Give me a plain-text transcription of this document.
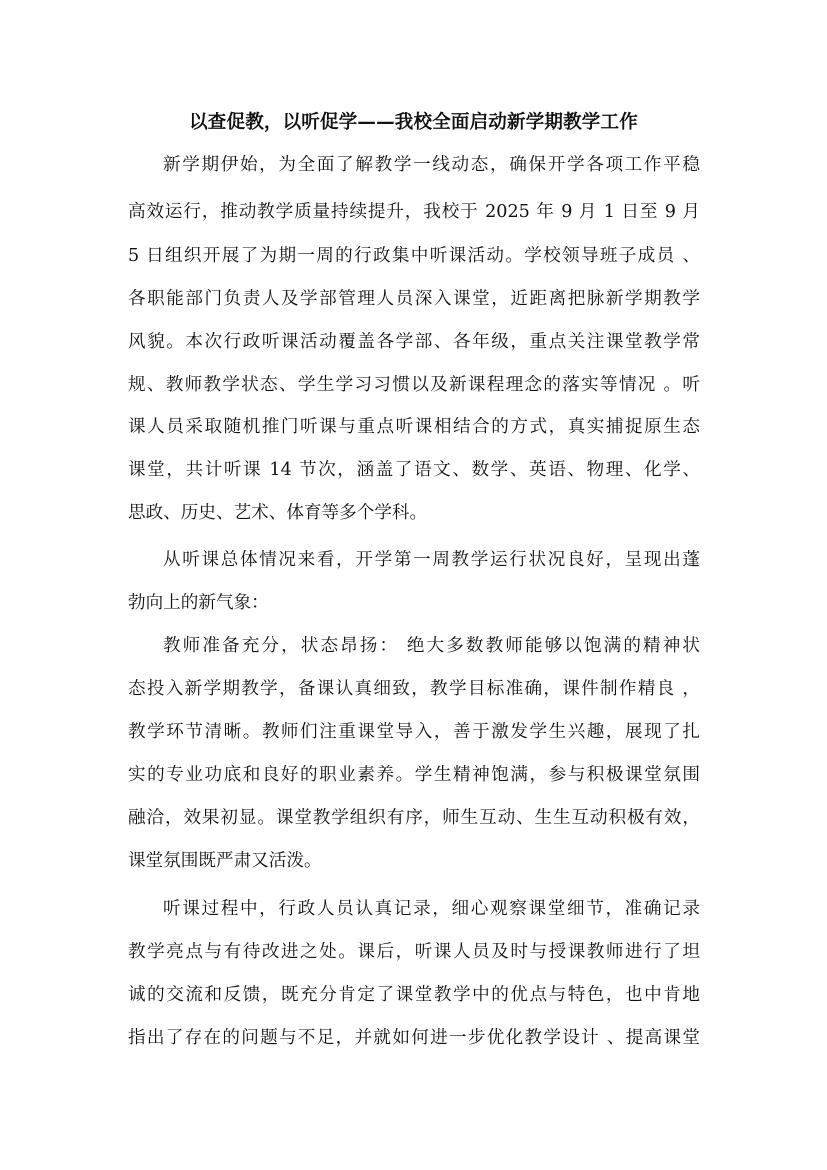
以查促教，以听促学——我校全面启动新学期教学工作
新学期伊始，为全面了解教学一线动态，确保开学各项工作平稳
高效运行，推动教学质量持续提升，我校于 2025 年 9 月 1 日至 9 月
5 日组织开展了为期一周的行政集中听课活动。学校领导班子成员 、
各职能部门负责人及学部管理人员深入课堂，近距离把脉新学期教学
风貌。本次行政听课活动覆盖各学部、各年级，重点关注课堂教学常
规、教师教学状态、学生学习习惯以及新课程理念的落实等情况 。听
课人员采取随机推门听课与重点听课相结合的方式，真实捕捉原生态
课堂，共计听课 14 节次，涵盖了语文、数学、英语、物理、化学、
思政、历史、艺术、体育等多个学科。
从听课总体情况来看，开学第一周教学运行状况良好，呈现出蓬
勃向上的新气象：
教师准备充分，状态昂扬： 绝大多数教师能够以饱满的精神状
态投入新学期教学，备课认真细致，教学目标准确，课件制作精良 ，
教学环节清晰。教师们注重课堂导入，善于激发学生兴趣，展现了扎
实的专业功底和良好的职业素养。学生精神饱满，参与积极课堂氛围
融洽，效果初显。课堂教学组织有序，师生互动、生生互动积极有效，
课堂氛围既严肃又活泼。
听课过程中，行政人员认真记录，细心观察课堂细节，准确记录
教学亮点与有待改进之处。课后，听课人员及时与授课教师进行了坦
诚的交流和反馈，既充分肯定了课堂教学中的优点与特色，也中肯地
指出了存在的问题与不足，并就如何进一步优化教学设计 、提高课堂
